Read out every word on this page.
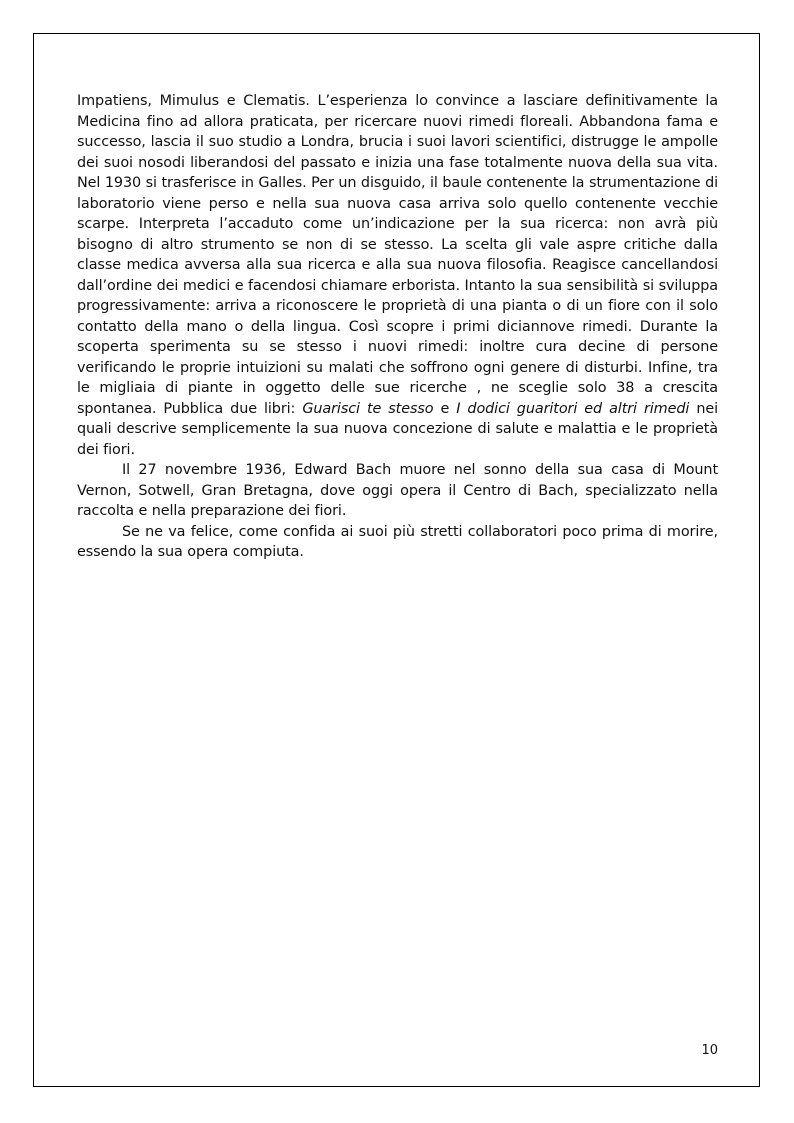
Impatiens, Mimulus e Clematis. L’esperienza lo convince a lasciare definitivamente la Medicina fino ad allora praticata, per ricercare nuovi rimedi floreali. Abbandona fama e successo, lascia il suo studio a Londra, brucia i suoi lavori scientifici, distrugge le ampolle dei suoi nosodi liberandosi del passato e inizia una fase totalmente nuova della sua vita. Nel 1930 si trasferisce in Galles. Per un disguido, il baule contenente la strumentazione di laboratorio viene perso e nella sua nuova casa arriva solo quello contenente vecchie scarpe. Interpreta l’accaduto come un’indicazione per la sua ricerca: non avrà più bisogno di altro strumento se non di se stesso. La scelta gli vale aspre critiche dalla classe medica avversa alla sua ricerca e alla sua nuova filosofia. Reagisce cancellandosi dall’ordine dei medici e facendosi chiamare erborista. Intanto la sua sensibilità si sviluppa progressivamente: arriva a riconoscere le proprietà di una pianta o di un fiore con il solo contatto della mano o della lingua. Così scopre i primi diciannove rimedi. Durante la scoperta sperimenta su se stesso i nuovi rimedi: inoltre cura decine di persone verificando le proprie intuizioni su malati che soffrono ogni genere di disturbi. Infine, tra le migliaia di piante in oggetto delle sue ricerche , ne sceglie solo 38 a crescita spontanea. Pubblica due libri: Guarisci te stesso e I dodici guaritori ed altri rimedi nei quali descrive semplicemente la sua nuova concezione di salute e malattia e le proprietà dei fiori.

Il 27 novembre 1936, Edward Bach muore nel sonno della sua casa di Mount Vernon, Sotwell, Gran Bretagna, dove oggi opera il Centro di Bach, specializzato nella raccolta e nella preparazione dei fiori.

Se ne va felice, come confida ai suoi più stretti collaboratori poco prima di morire, essendo la sua opera compiuta.

10
